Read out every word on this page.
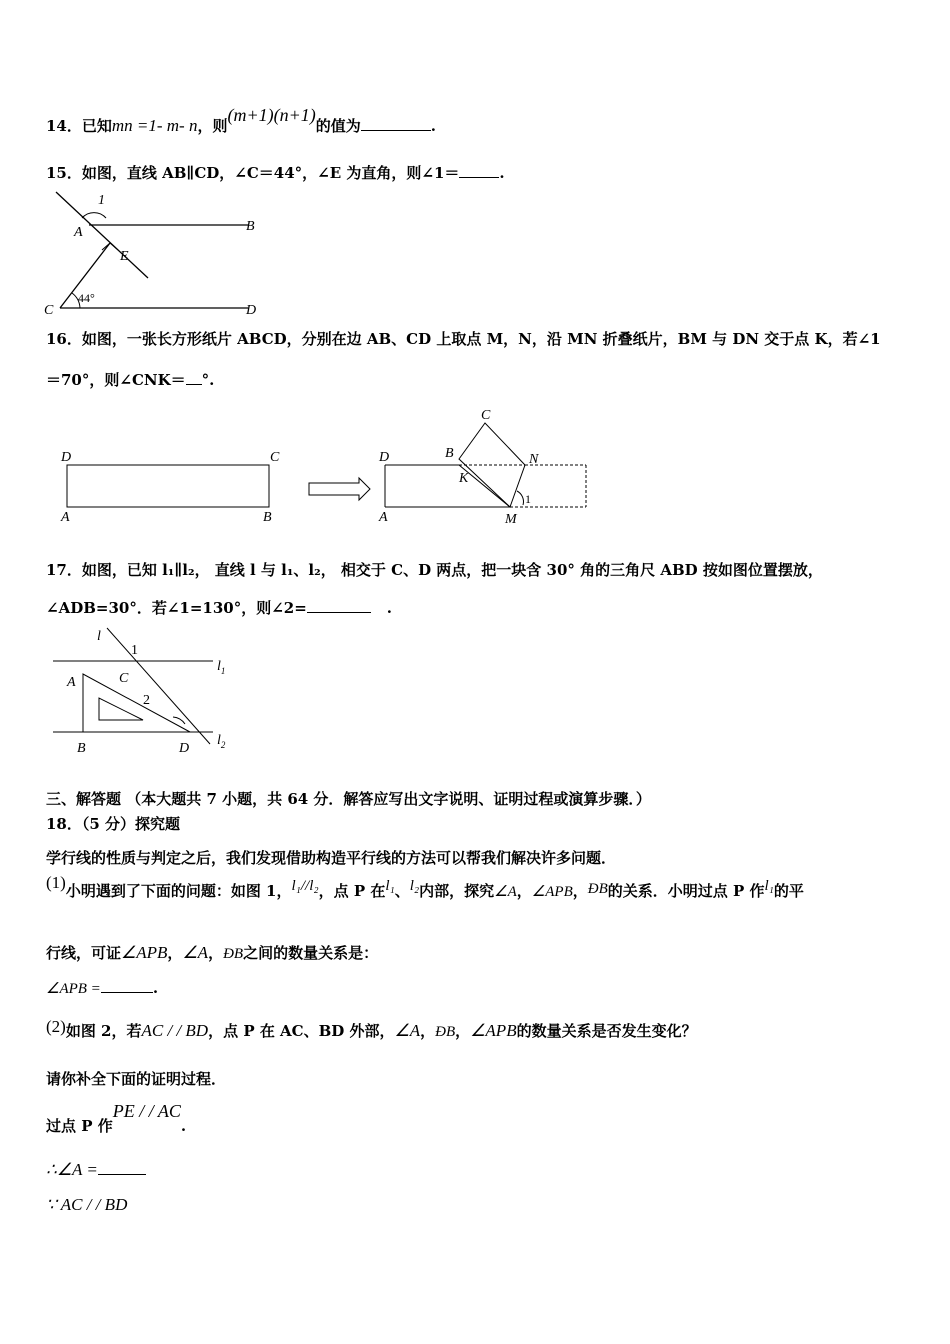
14．已知mn =1- m- n，则(m+1)(n+1)的值为	.
15．如图，直线 AB∥CD，∠C＝44°，∠E 为直角，则∠1＝	.
1
A	B
E
C
44°
D
16．如图，一张长方形纸片 ABCD，分别在边 AB、CD 上取点 M，N，沿 MN 折叠纸片，BM 与 DN 交于点 K，若∠1
＝70°，则∠CNK＝ °.
D	C
A	B
D
A
C
B	N
K
M
1
17．如图，已知 l₁∥l₂， 直线 l 与 l₁、l₂， 相交于 C、D 两点，把一块含 30° 角的三角尺 ABD 按如图位置摆放，
∠ADB=30°．若∠1=130°，则∠2=	.
l
1
$l_1$
A	C
2
B	D
$l_2$
三、解答题 （本大题共 7 小题，共 64 分．解答应写出文字说明、证明过程或演算步骤．）
18．（5 分）探究题
学行线的性质与判定之后，我们发现借助构造平行线的方法可以帮我们解决许多问题．
(1)小明遇到了下面的问题：如图 1，l₁//l₂，点 P 在l₁、l₂内部，探究∠A，∠APB，ÐB的关系．小明过点 P 作l₁的平
行线，可证∠APB，∠A，ÐB之间的数量关系是：
∠APB =	.
(2)如图 2，若AC / / BD，点 P 在 AC、BD 外部，∠A，ÐB，∠APB的数量关系是否发生变化？
请你补全下面的证明过程．
过点 P 作PE / / AC.
∴∠A =
∵ AC / / BD
